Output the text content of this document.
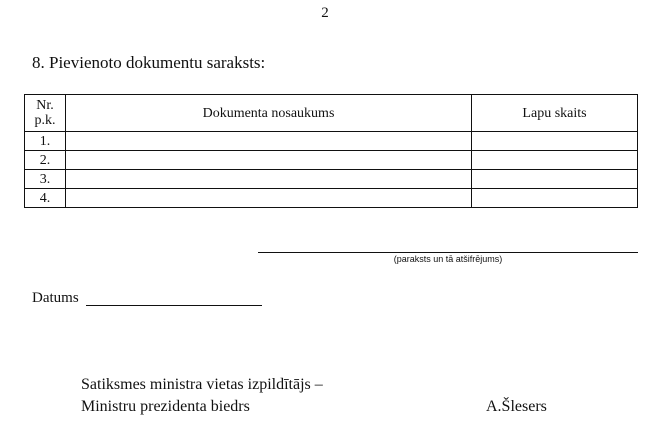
2
8. Pievienoto dokumentu saraksts:
Nr.
p.k.	Dokumenta nosaukums	Lapu skaits
1.		
2.		
3.		
4.		
(paraksts un tā atšifrējums)
Datums
Satiksmes ministra vietas izpildītājs –
Ministru prezidenta biedrs	A.Šlesers
